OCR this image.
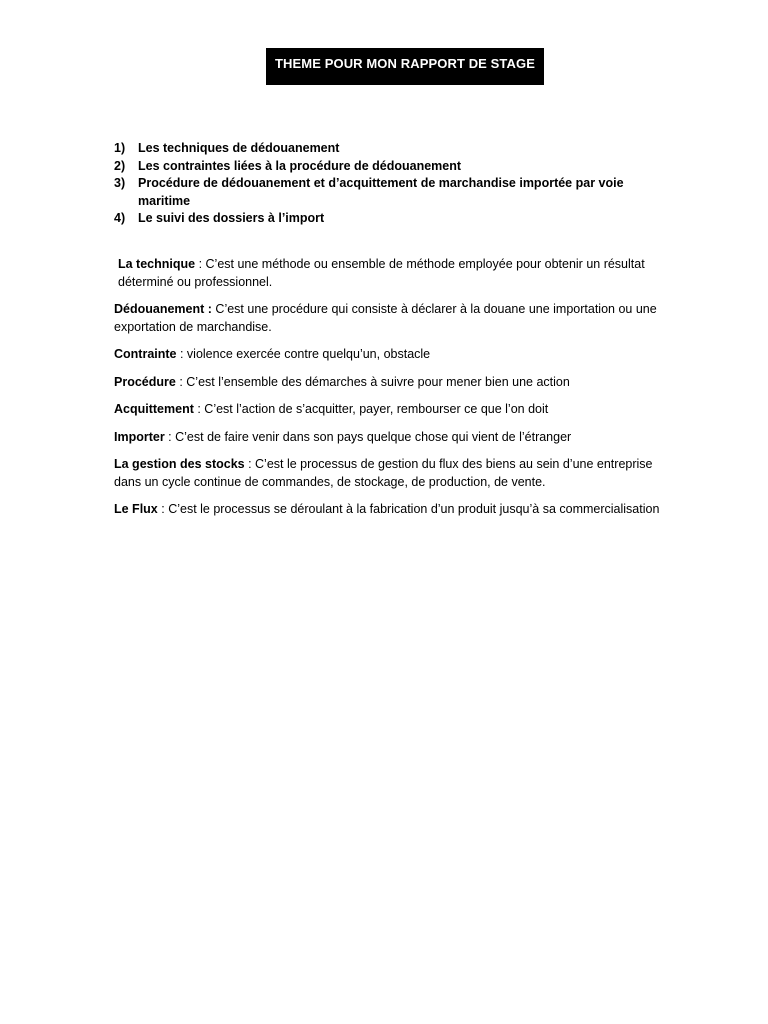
THEME POUR MON RAPPORT DE STAGE
1) Les techniques de dédouanement
2) Les contraintes liées à la procédure de dédouanement
3) Procédure de dédouanement et d’acquittement de marchandise importée par voie maritime
4) Le suivi des dossiers à l’import

La technique : C’est une méthode ou ensemble de méthode employée pour obtenir un résultat déterminé ou professionnel.

Dédouanement : C’est une procédure qui consiste à déclarer à la douane une importation ou une exportation de marchandise.

Contrainte : violence exercée contre quelqu’un, obstacle

Procédure : C’est l’ensemble des démarches à suivre pour mener bien une action

Acquittement : C’est l’action de s’acquitter, payer, rembourser ce que l’on doit

Importer : C’est de faire venir dans son pays quelque chose qui vient de l’étranger

La gestion des stocks : C’est le processus de gestion du flux des biens au sein d’une entreprise dans un cycle continue de commandes, de stockage, de production, de vente.

Le Flux : C’est le processus se déroulant à la fabrication d’un produit jusqu’à sa commercialisation
